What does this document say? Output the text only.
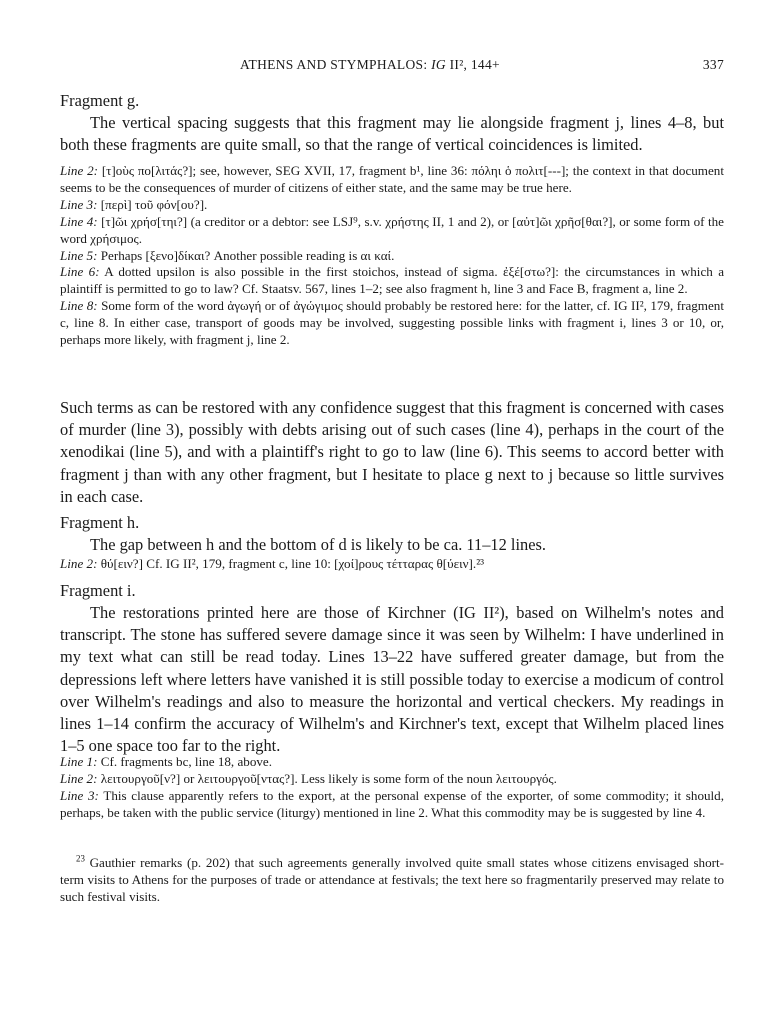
ATHENS AND STYMPHALOS: IG II², 144+	337

Fragment g.

The vertical spacing suggests that this fragment may lie alongside fragment j, lines 4–8, but both these fragments are quite small, so that the range of vertical coincidences is limited.

Line 2: [τ]οὺς πο[λιτάς?]; see, however, SEG XVII, 17, fragment b¹, line 36: πόληι ὁ πολιτ[---]; the context in that document seems to be the consequences of murder of citizens of either state, and the same may be true here.

Line 3: [περὶ] τοῦ φόν[ου?].

Line 4: [τ]ῶι χρήσ[τηι?] (a creditor or a debtor: see LSJ⁹, s.v. χρήστης II, 1 and 2), or [αὐτ]ῶι χρῆσ[θαι?], or some form of the word χρήσιμος.

Line 5: Perhaps [ξενο]δίκαι? Another possible reading is αι καί.

Line 6: A dotted upsilon is also possible in the first stoichos, instead of sigma. ἐξέ[στω?]: the circumstances in which a plaintiff is permitted to go to law? Cf. Staatsv. 567, lines 1–2; see also fragment h, line 3 and Face B, fragment a, line 2.

Line 8: Some form of the word ἀγωγή or of ἀγώγιμος should probably be restored here: for the latter, cf. IG II², 179, fragment c, line 8. In either case, transport of goods may be involved, suggesting possible links with fragment i, lines 3 or 10, or, perhaps more likely, with fragment j, line 2.

Such terms as can be restored with any confidence suggest that this fragment is concerned with cases of murder (line 3), possibly with debts arising out of such cases (line 4), perhaps in the court of the xenodikai (line 5), and with a plaintiff's right to go to law (line 6). This seems to accord better with fragment j than with any other fragment, but I hesitate to place g next to j because so little survives in each case.

Fragment h.

The gap between h and the bottom of d is likely to be ca. 11–12 lines.

Line 2: θύ[ειν?] Cf. IG II², 179, fragment c, line 10: [χοί]ρους τέτταρας θ[ύειν].²³

Fragment i.

The restorations printed here are those of Kirchner (IG II²), based on Wilhelm's notes and transcript. The stone has suffered severe damage since it was seen by Wilhelm: I have underlined in my text what can still be read today. Lines 13–22 have suffered greater damage, but from the depressions left where letters have vanished it is still possible today to exercise a modicum of control over Wilhelm's readings and also to measure the horizontal and vertical checkers. My readings in lines 1–14 confirm the accuracy of Wilhelm's and Kirchner's text, except that Wilhelm placed lines 1–5 one space too far to the right.

Line 1: Cf. fragments bc, line 18, above.

Line 2: λειτουργοῦ[ν?] or λειτουργοῦ[ντας?]. Less likely is some form of the noun λειτουργός.

Line 3: This clause apparently refers to the export, at the personal expense of the exporter, of some commodity; it should, perhaps, be taken with the public service (liturgy) mentioned in line 2. What this commodity may be is suggested by line 4.

$^{23}$ Gauthier remarks (p. 202) that such agreements generally involved quite small states whose citizens envisaged short-term visits to Athens for the purposes of trade or attendance at festivals; the text here so fragmentarily preserved may relate to such festival visits.
